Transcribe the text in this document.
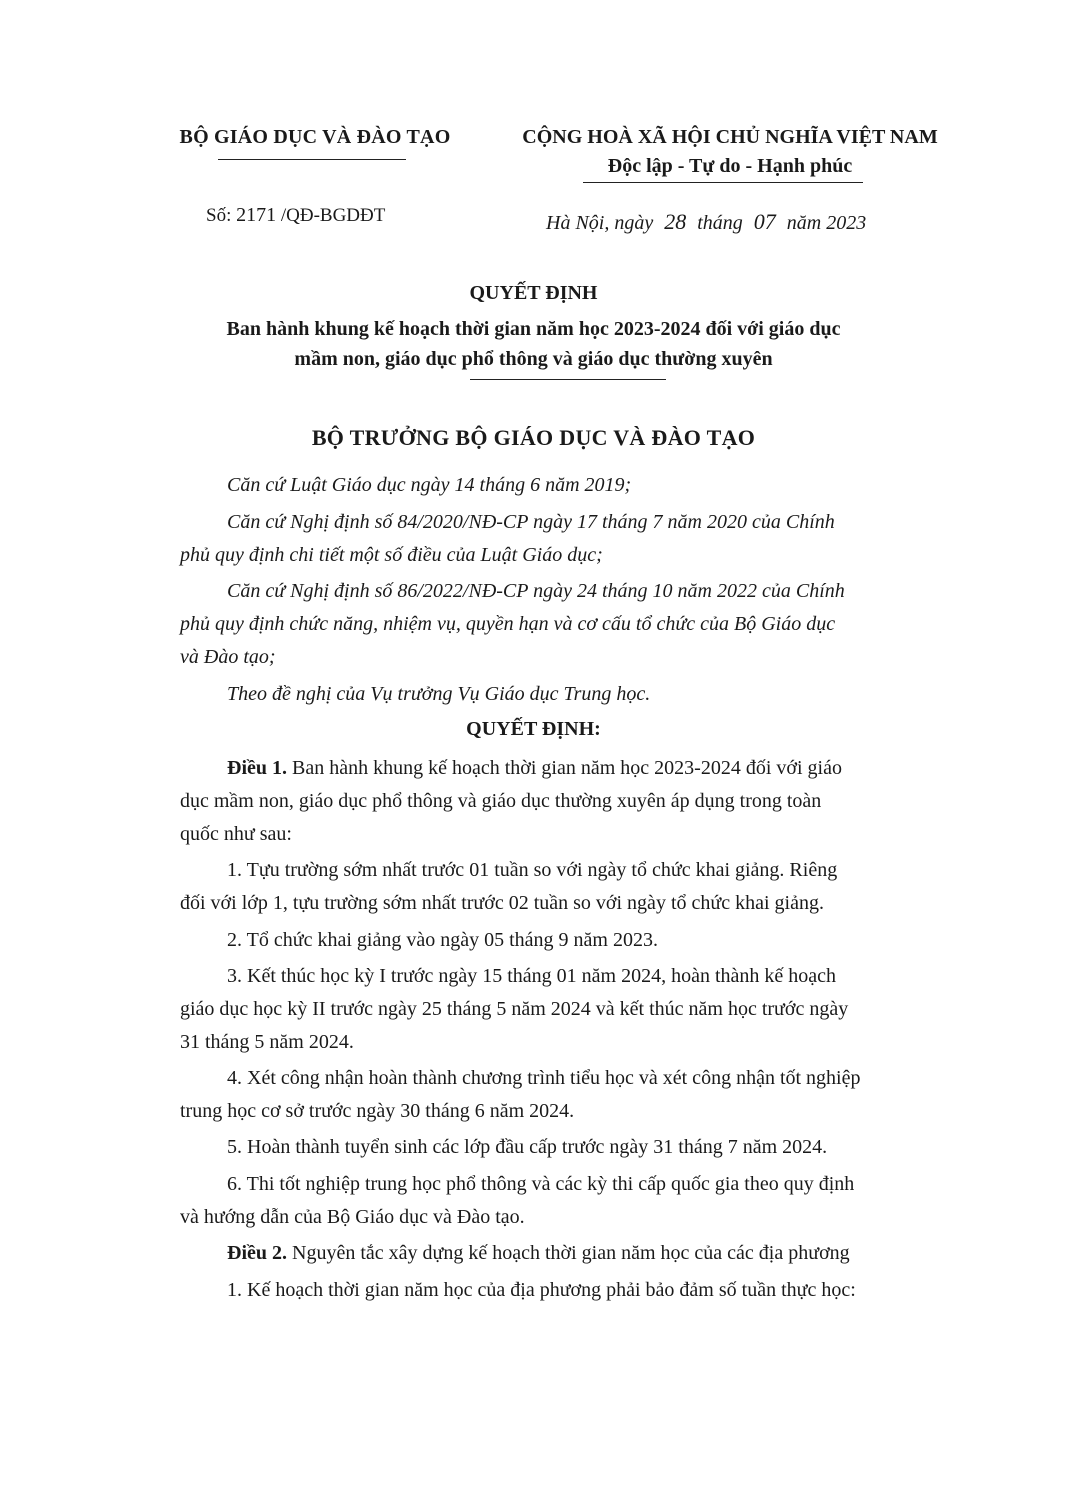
BỘ GIÁO DỤC VÀ ĐÀO TẠO	CỘNG HOÀ XÃ HỘI CHỦ NGHĨA VIỆT NAM
Độc lập - Tự do - Hạnh phúc
Số: 2171 /QĐ-BGDĐT	Hà Nội, ngày 28 tháng 07 năm 2023
QUYẾT ĐỊNH
Ban hành khung kế hoạch thời gian năm học 2023-2024 đối với giáo dục
mầm non, giáo dục phổ thông và giáo dục thường xuyên
BỘ TRƯỞNG BỘ GIÁO DỤC VÀ ĐÀO TẠO
Căn cứ Luật Giáo dục ngày 14 tháng 6 năm 2019;
Căn cứ Nghị định số 84/2020/NĐ-CP ngày 17 tháng 7 năm 2020 của Chính
phủ quy định chi tiết một số điều của Luật Giáo dục;
Căn cứ Nghị định số 86/2022/NĐ-CP ngày 24 tháng 10 năm 2022 của Chính
phủ quy định chức năng, nhiệm vụ, quyền hạn và cơ cấu tổ chức của Bộ Giáo dục
và Đào tạo;
Theo đề nghị của Vụ trưởng Vụ Giáo dục Trung học.
QUYẾT ĐỊNH:
Điều 1. Ban hành khung kế hoạch thời gian năm học 2023-2024 đối với giáo
dục mầm non, giáo dục phổ thông và giáo dục thường xuyên áp dụng trong toàn
quốc như sau:
1. Tựu trường sớm nhất trước 01 tuần so với ngày tổ chức khai giảng. Riêng
đối với lớp 1, tựu trường sớm nhất trước 02 tuần so với ngày tổ chức khai giảng.
2. Tổ chức khai giảng vào ngày 05 tháng 9 năm 2023.
3. Kết thúc học kỳ I trước ngày 15 tháng 01 năm 2024, hoàn thành kế hoạch
giáo dục học kỳ II trước ngày 25 tháng 5 năm 2024 và kết thúc năm học trước ngày
31 tháng 5 năm 2024.
4. Xét công nhận hoàn thành chương trình tiểu học và xét công nhận tốt nghiệp
trung học cơ sở trước ngày 30 tháng 6 năm 2024.
5. Hoàn thành tuyển sinh các lớp đầu cấp trước ngày 31 tháng 7 năm 2024.
6. Thi tốt nghiệp trung học phổ thông và các kỳ thi cấp quốc gia theo quy định
và hướng dẫn của Bộ Giáo dục và Đào tạo.
Điều 2. Nguyên tắc xây dựng kế hoạch thời gian năm học của các địa phương
1. Kế hoạch thời gian năm học của địa phương phải bảo đảm số tuần thực học:
